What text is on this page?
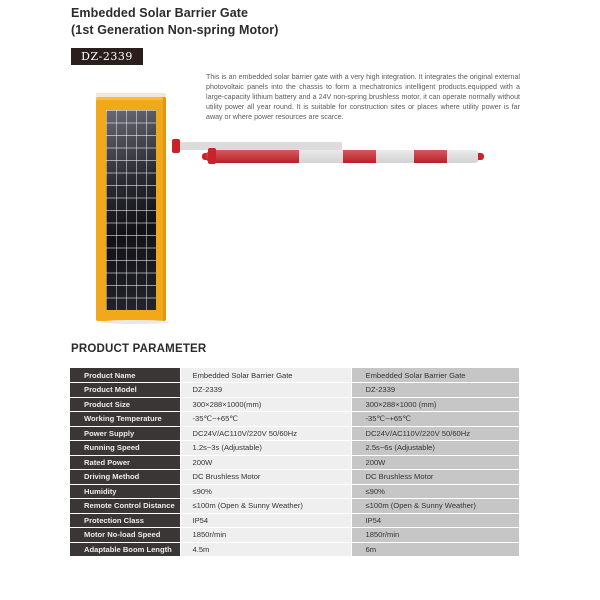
Embedded Solar Barrier Gate
(1st Generation Non-spring Motor)
DZ-2339
This is an embedded solar barrier gate with a very high integration. It integrates the original external photovoltaic panels into the chassis to form a mechatronics intelligent products.equipped with a large-capacity lithium battery and a 24V non-spring brushless motor, it can operate normally without utility power all year round. It is suitable for construction sites or places where utility power is far away or where power resources are scarce.
PRODUCT PARAMETER
Product Name	Embedded Solar Barrier Gate	Embedded Solar Barrier Gate
Product Model	DZ-2339	DZ-2339
Product Size	300×288×1000(mm)	300×288×1000 (mm)
Working Temperature	-35℃~+65℃	-35℃~+65℃
Power Supply	DC24V/AC110V/220V 50/60Hz	DC24V/AC110V/220V 50/60Hz
Running Speed	1.2s~3s (Adjustable)	2.5s~6s (Adjustable)
Rated Power	200W	200W
Driving Method	DC Brushless Motor	DC Brushless Motor
Humidity	≤90%	≤90%
Remote Control Distance	≤100m (Open & Sunny Weather)	≤100m (Open & Sunny Weather)
Protection Class	IP54	IP54
Motor No-load Speed	1850r/min	1850r/min
Adaptable Boom Length	4.5m	6m
